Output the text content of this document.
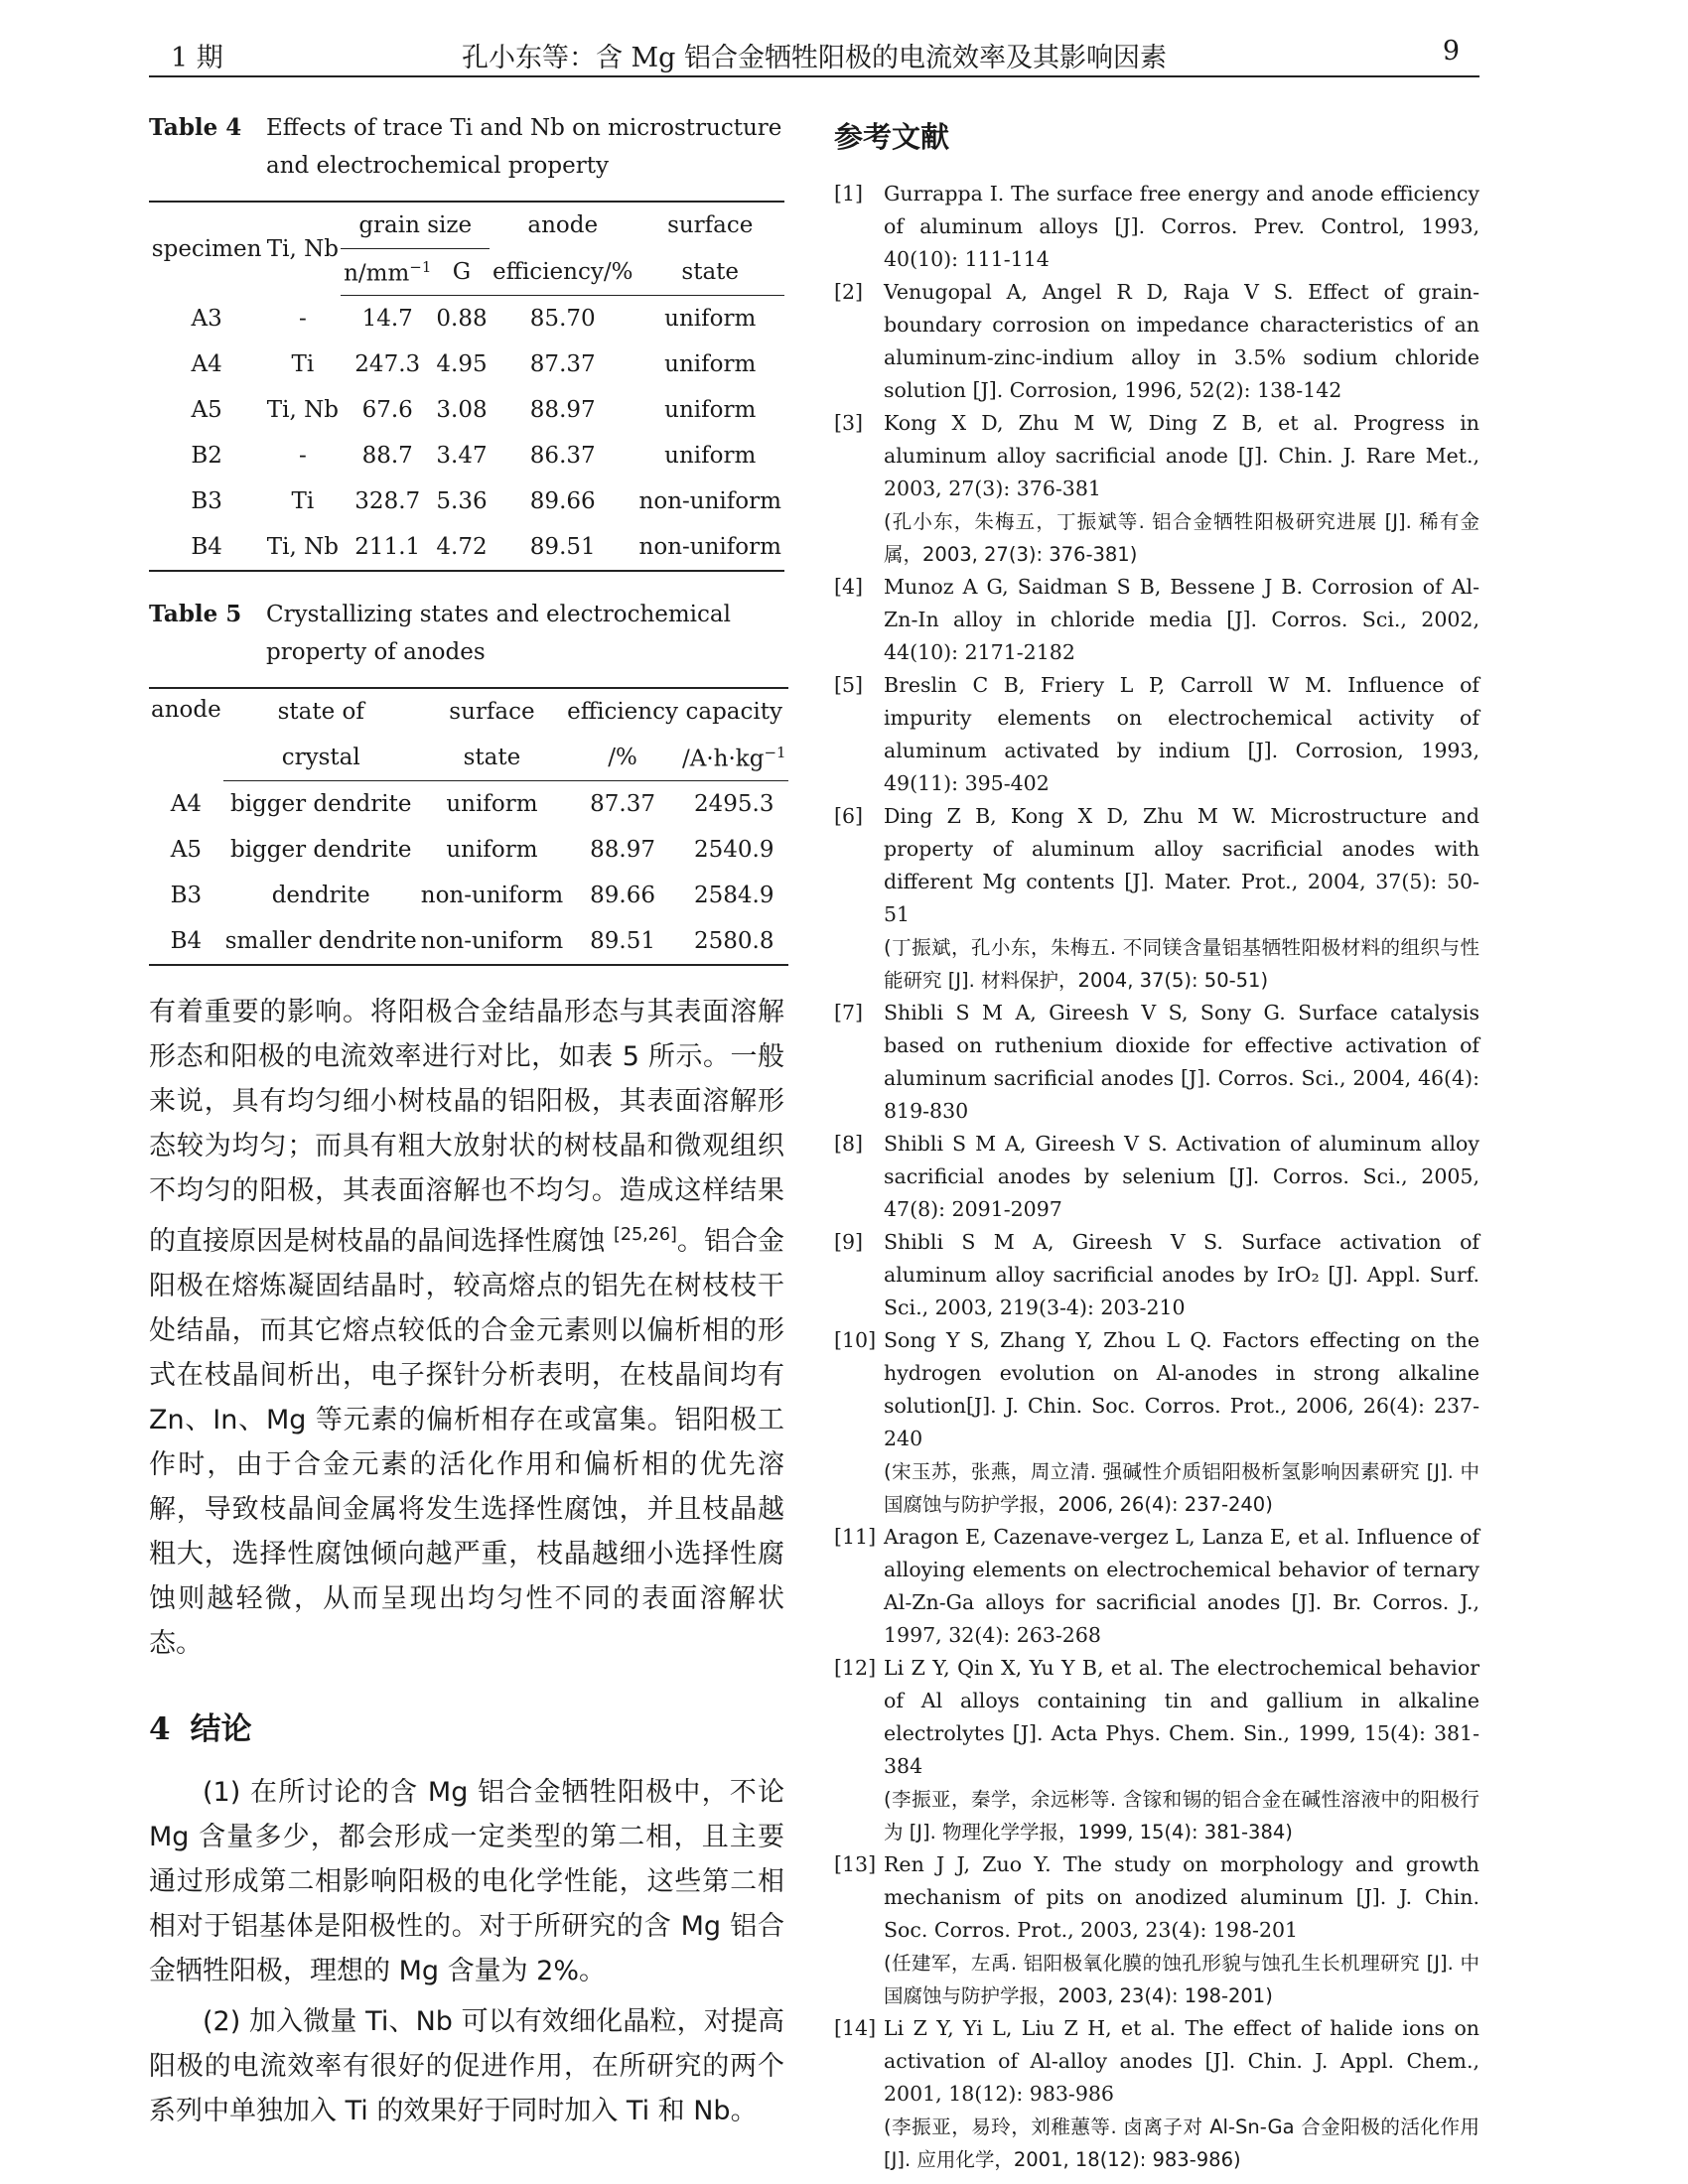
1 期	孔小东等：含 Mg 铝合金牺牲阳极的电流效率及其影响因素	9
Table 4	Effects of trace Ti and Nb on microstructure and electrochemical property
specimen	Ti, Nb	grain size		anode	surface
		$n/mm^{-1}$	G	efficiency/%	state
A3	-	14.7	0.88	85.70	uniform
A4	Ti	247.3	4.95	87.37	uniform
A5	Ti, Nb	67.6	3.08	88.97	uniform
B2	-	88.7	3.47	86.37	uniform
B3	Ti	328.7	5.36	89.66	non-uniform
B4	Ti, Nb	211.1	4.72	89.51	non-uniform
Table 5	Crystallizing states and electrochemical property of anodes
anode	state of	surface	efficiency	capacity
	crystal	state	/%	$/A\cdot h\cdot kg^{-1}$
A4	bigger dendrite	uniform	87.37	2495.3
A5	bigger dendrite	uniform	88.97	2540.9
B3	dendrite	non-uniform	89.66	2584.9
B4	smaller dendrite	non-uniform	89.51	2580.8

有着重要的影响。将阳极合金结晶形态与其表面溶解形态和阳极的电流效率进行对比，如表 5 所示。一般来说，具有均匀细小树枝晶的铝阳极，其表面溶解形态较为均匀；而具有粗大放射状的树枝晶和微观组织不均匀的阳极，其表面溶解也不均匀。造成这样结果的直接原因是树枝晶的晶间选择性腐蚀 [25,26]。铝合金阳极在熔炼凝固结晶时，较高熔点的铝先在树枝枝干处结晶，而其它熔点较低的合金元素则以偏析相的形式在枝晶间析出，电子探针分析表明，在枝晶间均有 Zn、In、Mg 等元素的偏析相存在或富集。铝阳极工作时，由于合金元素的活化作用和偏析相的优先溶解，导致枝晶间金属将发生选择性腐蚀，并且枝晶越粗大，选择性腐蚀倾向越严重，枝晶越细小选择性腐蚀则越轻微，从而呈现出均匀性不同的表面溶解状态。

4 结论

(1) 在所讨论的含 Mg 铝合金牺牲阳极中，不论 Mg 含量多少，都会形成一定类型的第二相，且主要通过形成第二相影响阳极的电化学性能，这些第二相相对于铝基体是阳极性的。对于所研究的含 Mg 铝合金牺牲阳极，理想的 Mg 含量为 2%。

(2) 加入微量 Ti、Nb 可以有效细化晶粒，对提高阳极的电流效率有很好的促进作用，在所研究的两个系列中单独加入 Ti 的效果好于同时加入 Ti 和 Nb。

参考文献
[1]	Gurrappa I. The surface free energy and anode efficiency of aluminum alloys [J]. Corros. Prev. Control, 1993, 40(10): 111-114
[2]	Venugopal A, Angel R D, Raja V S. Effect of grain-boundary corrosion on impedance characteristics of an aluminum-zinc-indium alloy in 3.5% sodium chloride solution [J]. Corrosion, 1996, 52(2): 138-142
[3]	Kong X D, Zhu M W, Ding Z B, et al. Progress in aluminum alloy sacrificial anode [J]. Chin. J. Rare Met., 2003, 27(3): 376-381
(孔小东，朱梅五，丁振斌等. 铝合金牺牲阳极研究进展 [J]. 稀有金属，2003, 27(3): 376-381)
[4]	Munoz A G, Saidman S B, Bessene J B. Corrosion of Al-Zn-In alloy in chloride media [J]. Corros. Sci., 2002, 44(10): 2171-2182
[5]	Breslin C B, Friery L P, Carroll W M. Influence of impurity elements on electrochemical activity of aluminum activated by indium [J]. Corrosion, 1993, 49(11): 395-402
[6]	Ding Z B, Kong X D, Zhu M W. Microstructure and property of aluminum alloy sacrificial anodes with different Mg contents [J]. Mater. Prot., 2004, 37(5): 50-51
(丁振斌，孔小东，朱梅五. 不同镁含量铝基牺牲阳极材料的组织与性能研究 [J]. 材料保护，2004, 37(5): 50-51)
[7]	Shibli S M A, Gireesh V S, Sony G. Surface catalysis based on ruthenium dioxide for effective activation of aluminum sacrificial anodes [J]. Corros. Sci., 2004, 46(4): 819-830
[8]	Shibli S M A, Gireesh V S. Activation of aluminum alloy sacrificial anodes by selenium [J]. Corros. Sci., 2005, 47(8): 2091-2097
[9]	Shibli S M A, Gireesh V S. Surface activation of aluminum alloy sacrificial anodes by IrO₂ [J]. Appl. Surf. Sci., 2003, 219(3-4): 203-210
[10] Song Y S, Zhang Y, Zhou L Q. Factors effecting on the hydrogen evolution on Al-anodes in strong alkaline solution[J]. J. Chin. Soc. Corros. Prot., 2006, 26(4): 237-240
(宋玉苏，张燕，周立清. 强碱性介质铝阳极析氢影响因素研究 [J]. 中国腐蚀与防护学报，2006, 26(4): 237-240)
[11] Aragon E, Cazenave-vergez L, Lanza E, et al. Influence of alloying elements on electrochemical behavior of ternary Al-Zn-Ga alloys for sacrificial anodes [J]. Br. Corros. J., 1997, 32(4): 263-268
[12] Li Z Y, Qin X, Yu Y B, et al. The electrochemical behavior of Al alloys containing tin and gallium in alkaline electrolytes [J]. Acta Phys. Chem. Sin., 1999, 15(4): 381-384
(李振亚，秦学，余远彬等. 含镓和锡的铝合金在碱性溶液中的阳极行为 [J]. 物理化学学报，1999, 15(4): 381-384)
[13] Ren J J, Zuo Y. The study on morphology and growth mechanism of pits on anodized aluminum [J]. J. Chin. Soc. Corros. Prot., 2003, 23(4): 198-201
(任建军，左禹. 铝阳极氧化膜的蚀孔形貌与蚀孔生长机理研究 [J]. 中国腐蚀与防护学报，2003, 23(4): 198-201)
[14] Li Z Y, Yi L, Liu Z H, et al. The effect of halide ions on activation of Al-alloy anodes [J]. Chin. J. Appl. Chem., 2001, 18(12): 983-986
(李振亚，易玲，刘稚蕙等. 卤离子对 Al-Sn-Ga 合金阳极的活化作用 [J]. 应用化学，2001, 18(12): 983-986)
